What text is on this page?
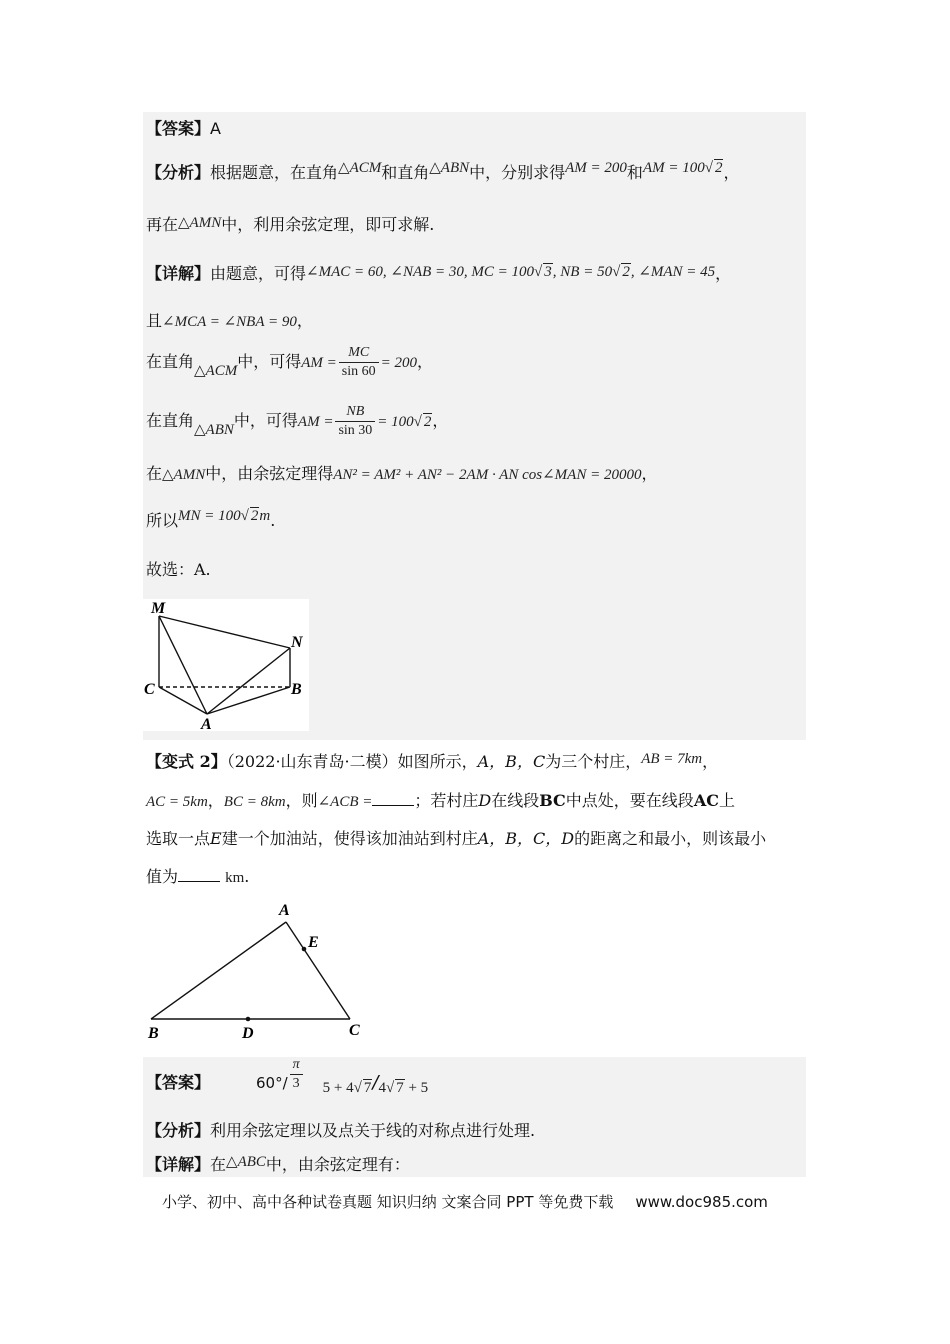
【答案】A
【分析】根据题意，在直角△ACM和直角△ABN中，分别求得AM = 200和AM = 100√ 2，
再在△AMN中，利用余弦定理，即可求解.
【详解】由题意，可得∠MAC = 60, ∠NAB = 30, MC = 100√ 3, NB = 50√ 2, ∠MAN = 45，
且∠MCA = ∠NBA = 90，
在直角△ACM中，可得AM = $\frac{MC}{\sin 60} = 200$，
在直角△ABN中，可得AM = $\frac{NB}{\sin 30} = 100√$ 2，
在△AMN中，由余弦定理得AN² = AM² + AN² − 2AM · AN cos∠MAN = 20000，
所以MN = 100√ 2m.
故选：A.
M
N
C	B
A
【变式 2】（2022·山东青岛·二模）如图所示，A，B，C为三个村庄，AB = 7km，
AC = 5km，BC = 8km，则∠ACB =	；若村庄D在线段BC中点处，要在线段AC上
选取一点E建一个加油站，使得该加油站到村庄A，B，C，D的距离之和最小，则该最小
值为	km.
A
E
B	D	C
【答案】	$60^\circ/ \frac{\pi}{3} 5 + 4√$ 7/4√ 7 + 5
【分析】利用余弦定理以及点关于线的对称点进行处理.
【详解】在△ABC中，由余弦定理有：
小学、初中、高中各种试卷真题 知识归纳 文案合同 PPT 等免费下载 www.doc985.com
